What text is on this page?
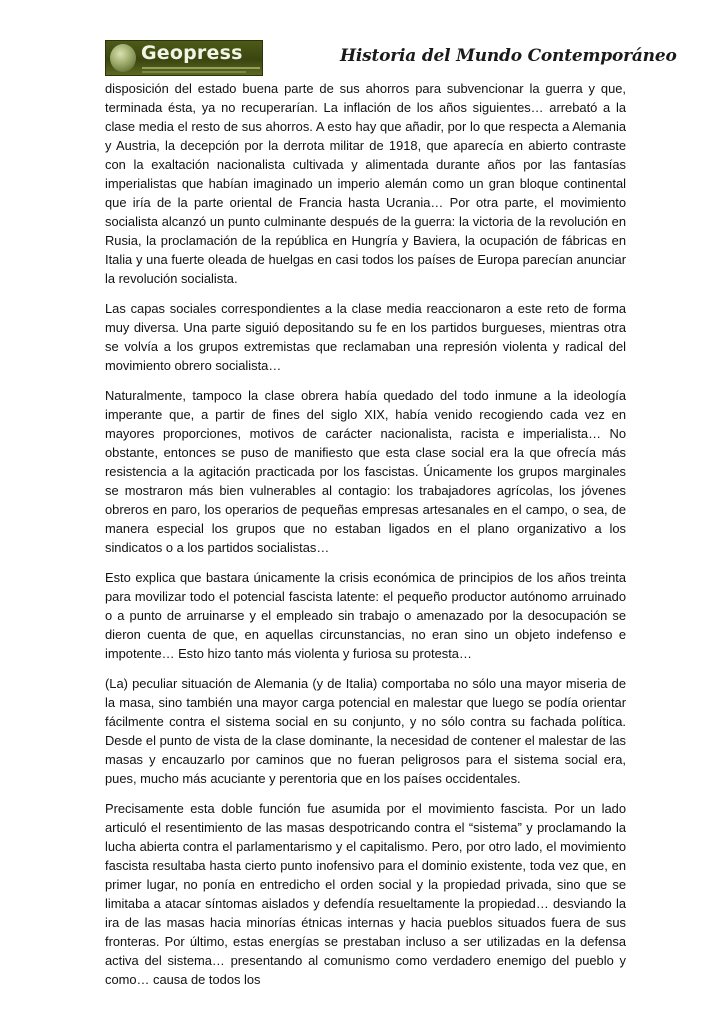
Geopress	Historia del Mundo Contemporáneo

disposición del estado buena parte de sus ahorros para subvencionar la guerra y que, terminada ésta, ya no recuperarían. La inflación de los años siguientes… arrebató a la clase media el resto de sus ahorros. A esto hay que añadir, por lo que respecta a Alemania y Austria, la decepción por la derrota militar de 1918, que aparecía en abierto contraste con la exaltación nacionalista cultivada y alimentada durante años por las fantasías imperialistas que habían imaginado un imperio alemán como un gran bloque continental que iría de la parte oriental de Francia hasta Ucrania… Por otra parte, el movimiento socialista alcanzó un punto culminante después de la guerra: la victoria de la revolución en Rusia, la proclamación de la república en Hungría y Baviera, la ocupación de fábricas en Italia y una fuerte oleada de huelgas en casi todos los países de Europa parecían anunciar la revolución socialista.

Las capas sociales correspondientes a la clase media reaccionaron a este reto de forma muy diversa. Una parte siguió depositando su fe en los partidos burgueses, mientras otra se volvía a los grupos extremistas que reclamaban una represión violenta y radical del movimiento obrero socialista…

Naturalmente, tampoco la clase obrera había quedado del todo inmune a la ideología imperante que, a partir de fines del siglo XIX, había venido recogiendo cada vez en mayores proporciones, motivos de carácter nacionalista, racista e imperialista… No obstante, entonces se puso de manifiesto que esta clase social era la que ofrecía más resistencia a la agitación practicada por los fascistas. Únicamente los grupos marginales se mostraron más bien vulnerables al contagio: los trabajadores agrícolas, los jóvenes obreros en paro, los operarios de pequeñas empresas artesanales en el campo, o sea, de manera especial los grupos que no estaban ligados en el plano organizativo a los sindicatos o a los partidos socialistas…

Esto explica que bastara únicamente la crisis económica de principios de los años treinta para movilizar todo el potencial fascista latente: el pequeño productor autónomo arruinado o a punto de arruinarse y el empleado sin trabajo o amenazado por la desocupación se dieron cuenta de que, en aquellas circunstancias, no eran sino un objeto indefenso e impotente… Esto hizo tanto más violenta y furiosa su protesta…

(La) peculiar situación de Alemania (y de Italia) comportaba no sólo una mayor miseria de la masa, sino también una mayor carga potencial en malestar que luego se podía orientar fácilmente contra el sistema social en su conjunto, y no sólo contra su fachada política. Desde el punto de vista de la clase dominante, la necesidad de contener el malestar de las masas y encauzarlo por caminos que no fueran peligrosos para el sistema social era, pues, mucho más acuciante y perentoria que en los países occidentales.

Precisamente esta doble función fue asumida por el movimiento fascista. Por un lado articuló el resentimiento de las masas despotricando contra el “sistema” y proclamando la lucha abierta contra el parlamentarismo y el capitalismo. Pero, por otro lado, el movimiento fascista resultaba hasta cierto punto inofensivo para el dominio existente, toda vez que, en primer lugar, no ponía en entredicho el orden social y la propiedad privada, sino que se limitaba a atacar síntomas aislados y defendía resueltamente la propiedad… desviando la ira de las masas hacia minorías étnicas internas y hacia pueblos situados fuera de sus fronteras. Por último, estas energías se prestaban incluso a ser utilizadas en la defensa activa del sistema… presentando al comunismo como verdadero enemigo del pueblo y como… causa de todos los
